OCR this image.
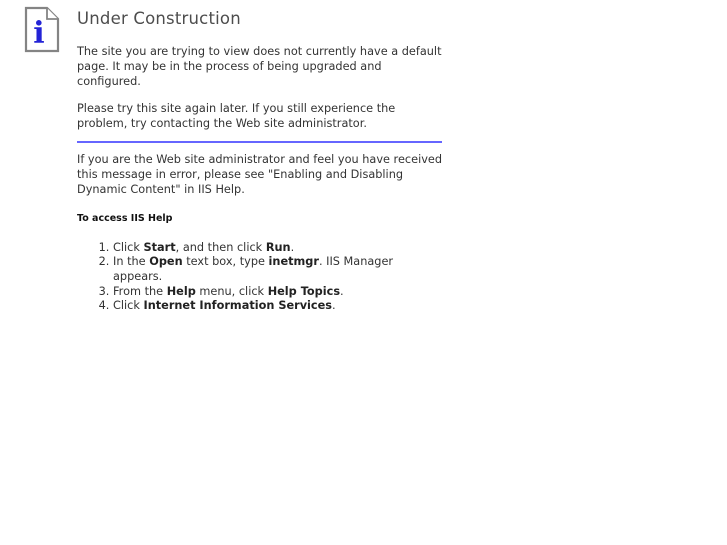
i Under Construction
The site you are trying to view does not currently have a default
page. It may be in the process of being upgraded and
configured.
Please try this site again later. If you still experience the
problem, try contacting the Web site administrator.
If you are the Web site administrator and feel you have received
this message in error, please see "Enabling and Disabling
Dynamic Content" in IIS Help.
To access IIS Help
1. Click Start, and then click Run.
2. In the Open text box, type inetmgr. IIS Manager
appears.
3. From the Help menu, click Help Topics.
4. Click Internet Information Services.
